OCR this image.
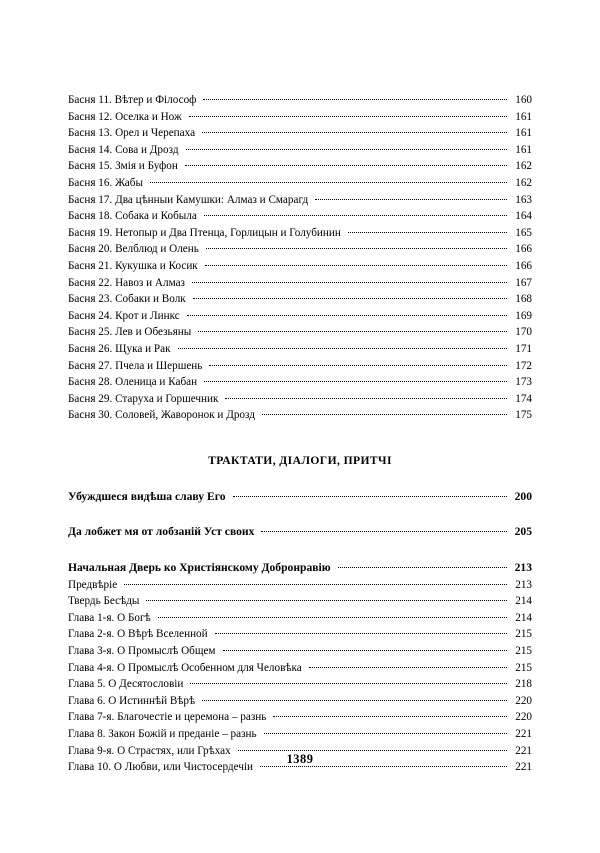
Басня 11. Вѣтер и Філософ	160
Басня 12. Оселка и Нож	161
Басня 13. Орел и Черепаха	161
Басня 14. Сова и Дрозд	161
Басня 15. Змія и Буфон	162
Басня 16. Жабы	162
Басня 17. Два цѣнныи Камушки: Алмаз и Смарагд	163
Басня 18. Собака и Кобыла	164
Басня 19. Нетопыр и Два Птенца, Горлицын и Голубинин	165
Басня 20. Велблюд и Олень	166
Басня 21. Кукушка и Косик	166
Басня 22. Навоз и Алмаз	167
Басня 23. Собаки и Волк	168
Басня 24. Крот и Линкс	169
Басня 25. Лев и Обезьяны	170
Басня 26. Щука и Рак	171
Басня 27. Пчела и Шершень	172
Басня 28. Оленица и Кабан	173
Басня 29. Старуха и Горшечник	174
Басня 30. Соловей, Жаворонок и Дрозд	175
ТРАКТАТИ, ДІАЛОГИ, ПРИТЧІ
Убуждшеся видѣша славу Его	200
Да лобжет мя от лобзаній Уст своих	205
Начальная Дверь ко Христіянскому Добронравію	213
Предвѣріе	213
Твердь Бесѣды	214
Глава 1-я. О Богѣ	214
Глава 2-я. О Вѣрѣ Вселенной	215
Глава 3-я. О Промыслѣ Общем	215
Глава 4-я. О Промыслѣ Особенном для Человѣка	215
Глава 5. О Десятословіи	218
Глава 6. О Истиннѣй Вѣрѣ	220
Глава 7-я. Благочестіе и церемона – разнь	220
Глава 8. Закон Божій и преданіе – разнь	221
Глава 9-я. О Страстях, или Грѣхах	221
Глава 10. О Любви, или Чистосердечіи	221
1389
